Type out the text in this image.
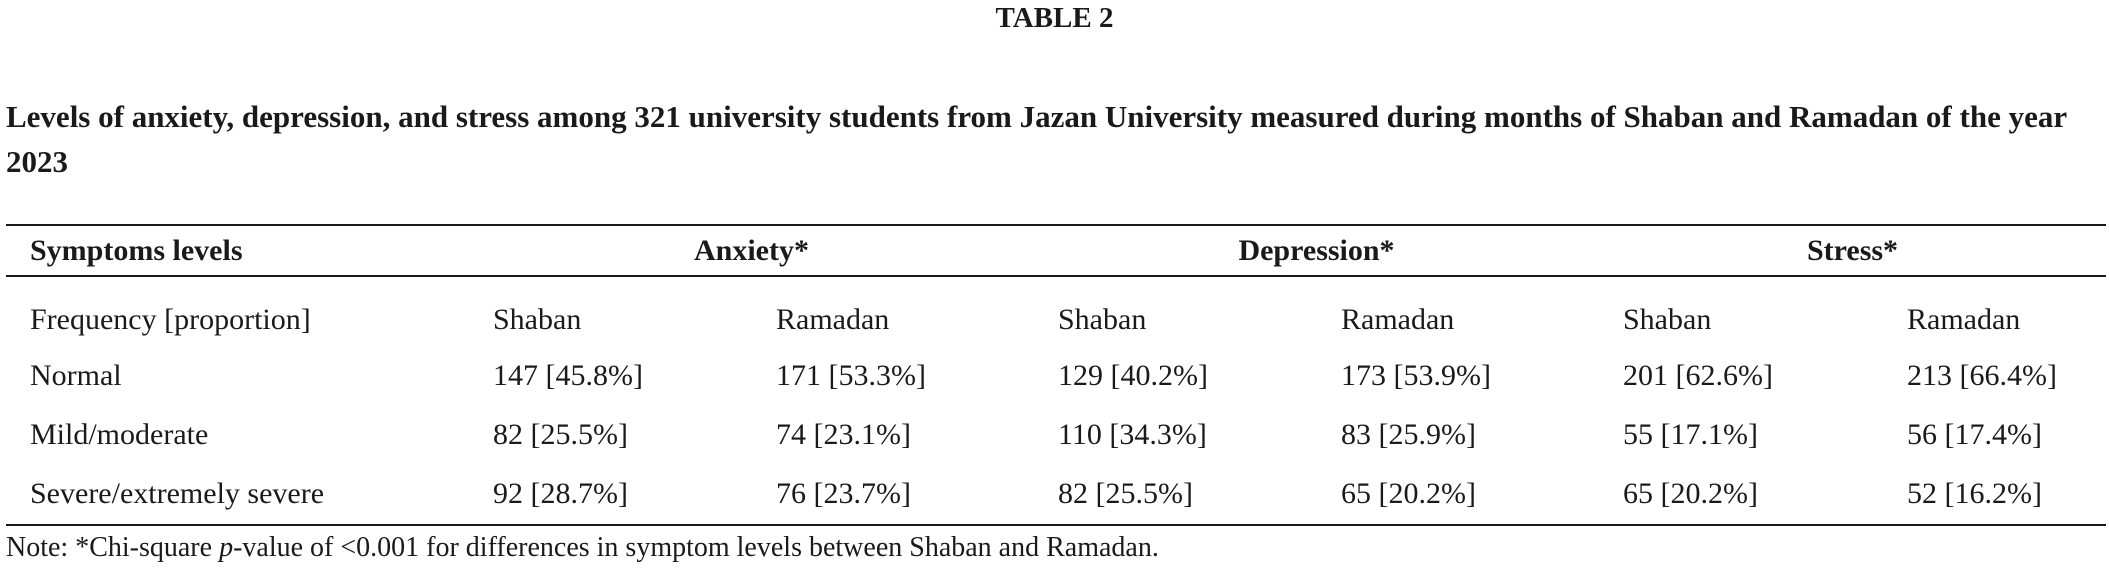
TABLE 2
Levels of anxiety, depression, and stress among 321 university students from Jazan University measured during months of Shaban and Ramadan of the year 2023
Symptoms levels	Anxiety*		Depression*		Stress*	
Frequency [proportion]	Shaban	Ramadan	Shaban	Ramadan	Shaban	Ramadan
Normal	147 [45.8%]	171 [53.3%]	129 [40.2%]	173 [53.9%]	201 [62.6%]	213 [66.4%]
Mild/moderate	82 [25.5%]	74 [23.1%]	110 [34.3%]	83 [25.9%]	55 [17.1%]	56 [17.4%]
Severe/extremely severe	92 [28.7%]	76 [23.7%]	82 [25.5%]	65 [20.2%]	65 [20.2%]	52 [16.2%]
Note: *Chi-square p-value of <0.001 for differences in symptom levels between Shaban and Ramadan.
